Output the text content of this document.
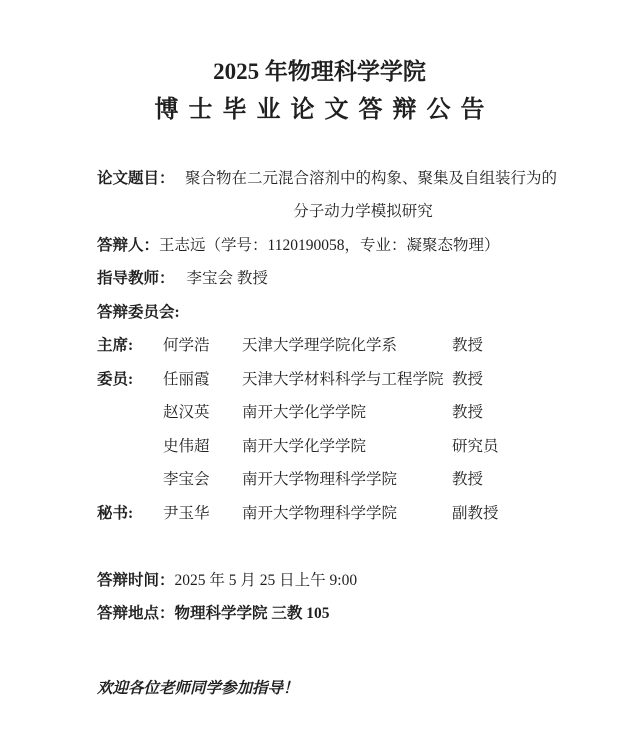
2025 年物理科学学院
博士毕业论文答辩公告
论文题目： 聚合物在二元混合溶剂中的构象、聚集及自组装行为的
分子动力学模拟研究
答辩人： 王志远（学号：1120190058，专业：凝聚态物理）
指导教师： 李宝会 教授
答辩委员会:
主席:	何学浩	天津大学理学院化学系	教授
委员:	任丽霞	天津大学材料科学与工程学院 教授
赵汉英	南开大学化学学院	教授
史伟超	南开大学化学学院	研究员
李宝会	南开大学物理科学学院	教授
秘书:	尹玉华	南开大学物理科学学院	副教授
答辩时间： 2025 年 5 月 25 日上午 9:00
答辩地点： 物理科学学院 三教 105
欢迎各位老师同学参加指导！
